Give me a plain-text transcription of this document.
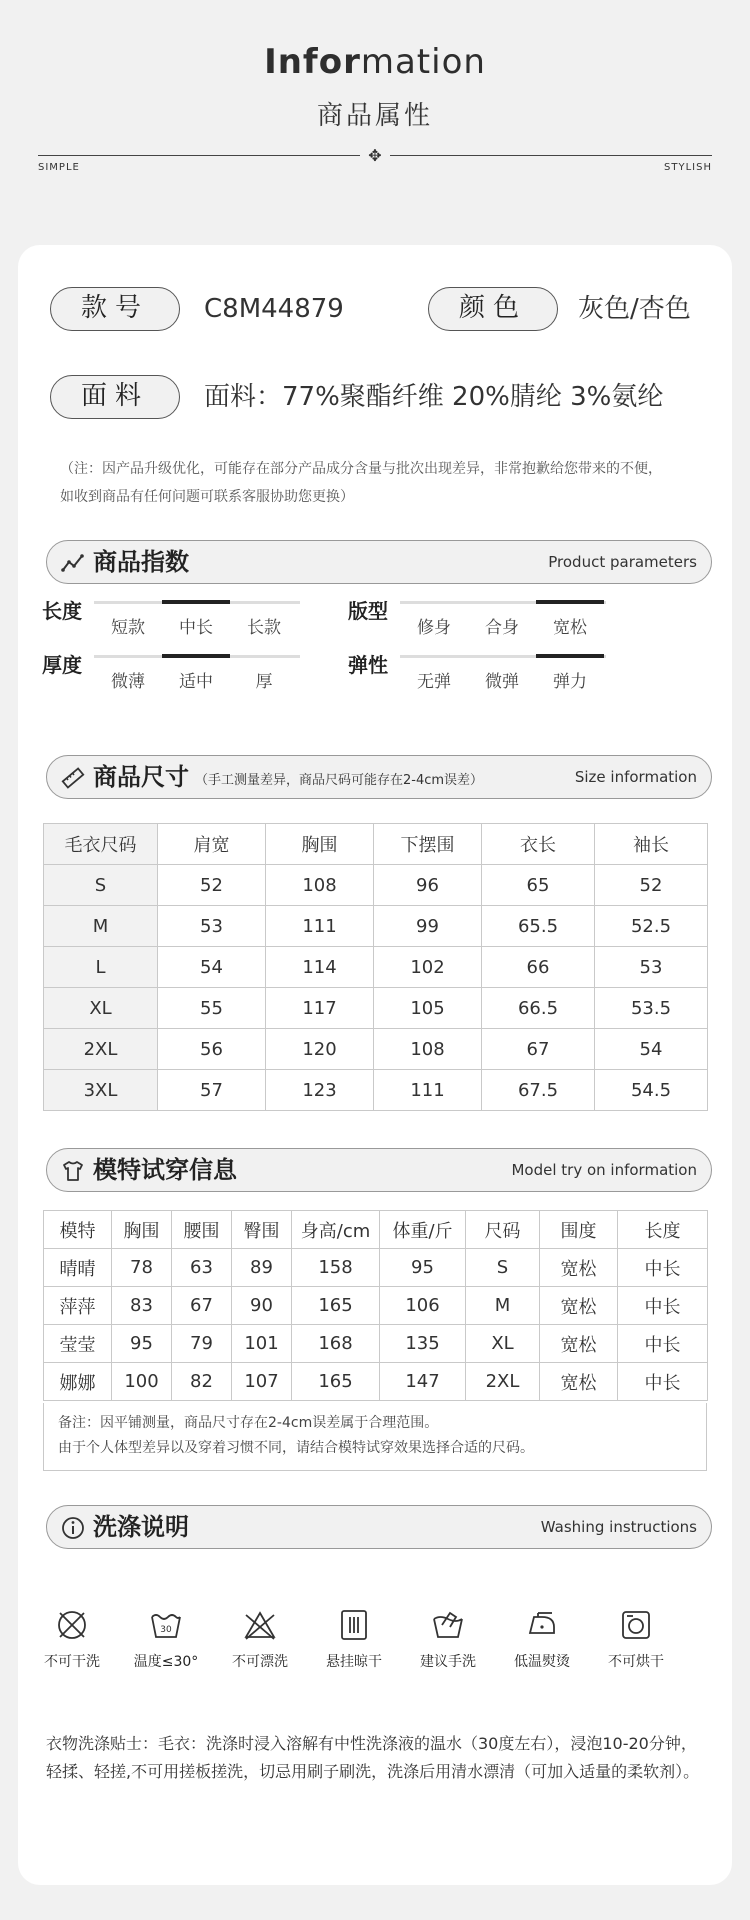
Information
商品属性
✥
SIMPLE	STYLISH
款号	C8M44879	颜色	灰色/杏色
面料	面料：77%聚酯纤维 20%腈纶 3%氨纶
（注：因产品升级优化，可能存在部分产品成分含量与批次出现差异，非常抱歉给您带来的不便，
如收到商品有任何问题可联系客服协助您更换）
商品指数	Product parameters
长度
短款	中长	长款
版型
修身	合身	宽松
厚度
微薄	适中	厚
弹性
无弹	微弹	弹力
商品尺寸 （手工测量差异，商品尺码可能存在2-4cm误差）	Size information
毛衣尺码	肩宽	胸围	下摆围	衣长	袖长
S	52	108	96	65	52
M	53	111	99	65.5	52.5
L	54	114	102	66	53
XL	55	117	105	66.5	53.5
2XL	56	120	108	67	54
3XL	57	123	111	67.5	54.5
模特试穿信息	Model try on information
模特	胸围	腰围	臀围	身高/cm	体重/斤	尺码	围度	长度
晴晴	78	63	89	158	95	S	宽松	中长
萍萍	83	67	90	165	106	M	宽松	中长
莹莹	95	79	101	168	135	XL	宽松	中长
娜娜	100	82	107	165	147	2XL	宽松	中长
备注：因平铺测量，商品尺寸存在2-4cm误差属于合理范围。
由于个人体型差异以及穿着习惯不同，请结合模特试穿效果选择合适的尺码。
洗涤说明	Washing instructions
不可干洗
30
温度≤30°	不可漂洗	悬挂晾干	建议手洗	低温熨烫	不可烘干
衣物洗涤贴士：毛衣：洗涤时浸入溶解有中性洗涤液的温水（30度左右），浸泡10-20分钟，轻揉、轻搓,不可用搓板搓洗，切忌用刷子刷洗，洗涤后用清水漂清（可加入适量的柔软剂）。
